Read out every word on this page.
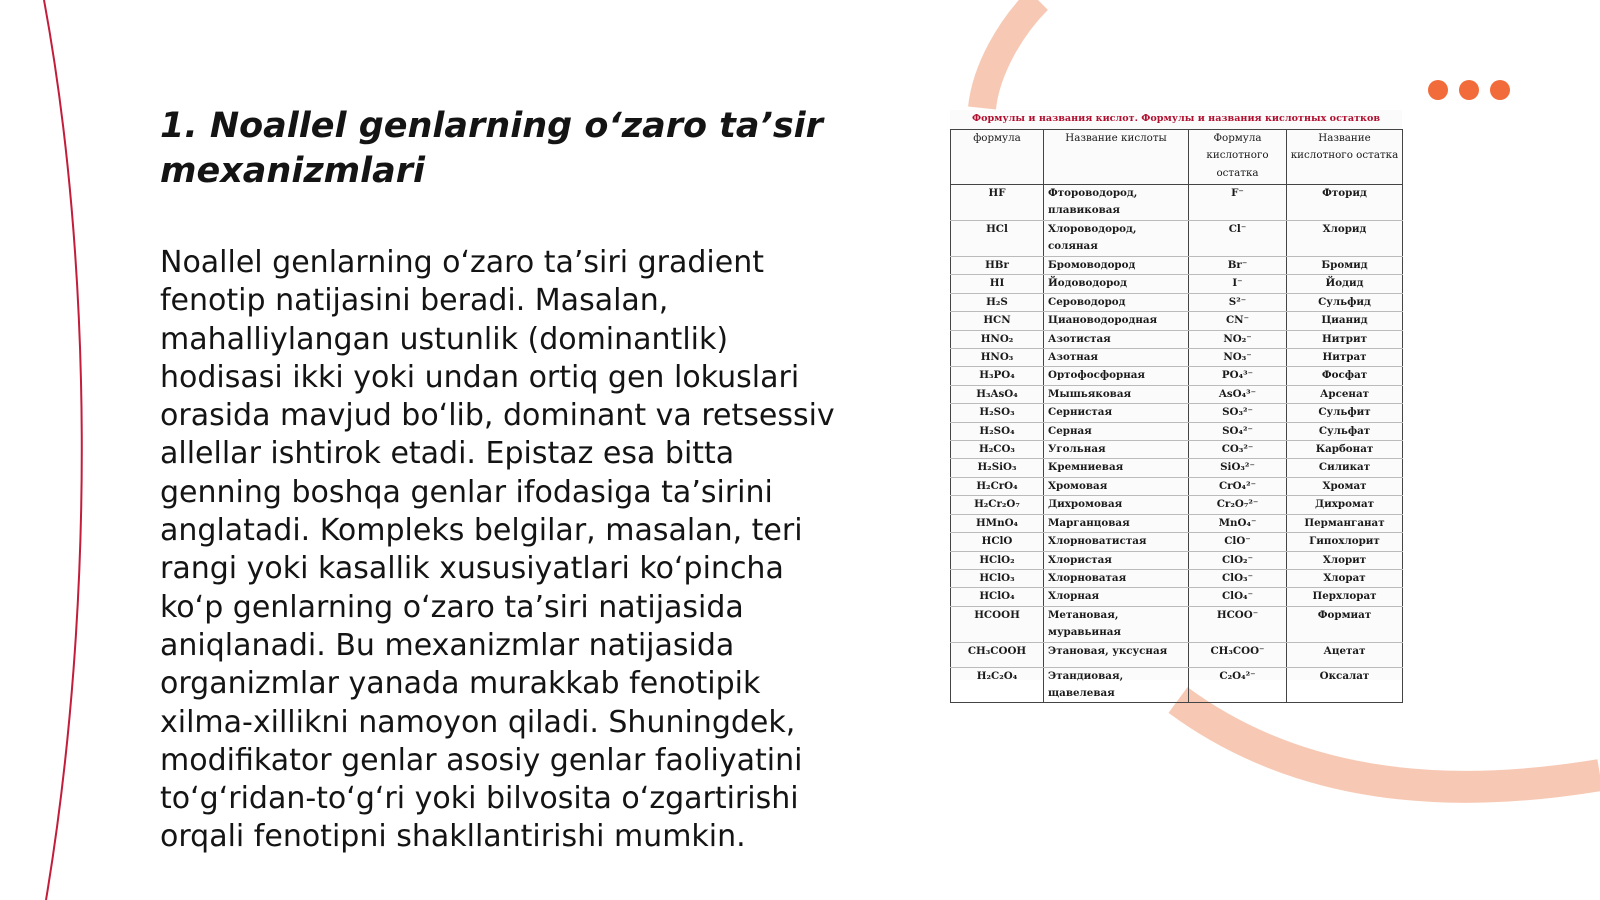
1. Noallel genlarning o‘zaro ta’sir mexanizmlari

Noallel genlarning o‘zaro ta’siri gradient fenotip natijasini beradi. Masalan, mahalliylangan ustunlik (dominantlik) hodisasi ikki yoki undan ortiq gen lokuslari orasida mavjud bo‘lib, dominant va retsessiv allellar ishtirok etadi. Epistaz esa bitta genning boshqa genlar ifodasiga ta’sirini anglatadi. Kompleks belgilar, masalan, teri rangi yoki kasallik xususiyatlari ko‘pincha ko‘p genlarning o‘zaro ta’siri natijasida aniqlanadi. Bu mexanizmlar natijasida organizmlar yanada murakkab fenotipik xilma-xillikni namoyon qiladi. Shuningdek, modifikator genlar asosiy genlar faoliyatini to‘g‘ridan-to‘g‘ri yoki bilvosita o‘zgartirishi orqali fenotipni shakllantirishi mumkin.

Формулы и названия кислот. Формулы и названия кислотных остатков
формула	Название кислоты	Формула кислотного остатка	Название кислотного остатка
HF	Фтороводород, плавиковая	F⁻	Фторид
HCl	Хлороводород, соляная	Cl⁻	Хлорид
HBr	Бромоводород	Br⁻	Бромид
HI	Йодоводород	I⁻	Йодид
H₂S	Сероводород	S²⁻	Сульфид
HCN	Циановодородная	CN⁻	Цианид
HNO₂	Азотистая	NO₂⁻	Нитрит
HNO₃	Азотная	NO₃⁻	Нитрат
H₃PO₄	Ортофосфорная	PO₄³⁻	Фосфат
H₃AsO₄	Мышьяковая	AsO₄³⁻	Арсенат
H₂SO₃	Сернистая	SO₃²⁻	Сульфит
H₂SO₄	Серная	SO₄²⁻	Сульфат
H₂CO₃	Угольная	CO₃²⁻	Карбонат
H₂SiO₃	Кремниевая	SiO₃²⁻	Силикат
H₂CrO₄	Хромовая	CrO₄²⁻	Хромат
H₂Cr₂O₇	Дихромовая	Cr₂O₇²⁻	Дихромат
HMnO₄	Марганцовая	MnO₄⁻	Перманганат
HClO	Хлорноватистая	ClO⁻	Гипохлорит
HClO₂	Хлористая	ClO₂⁻	Хлорит
HClO₃	Хлорноватая	ClO₃⁻	Хлорат
HClO₄	Хлорная	ClO₄⁻	Перхлорат
HCOOH	Метановая, муравьиная	HCOO⁻	Формиат
CH₃COOH	Этановая, уксусная	CH₃COO⁻	Ацетат
H₂C₂O₄	Этандиовая, щавелевая	C₂O₄²⁻	Оксалат
